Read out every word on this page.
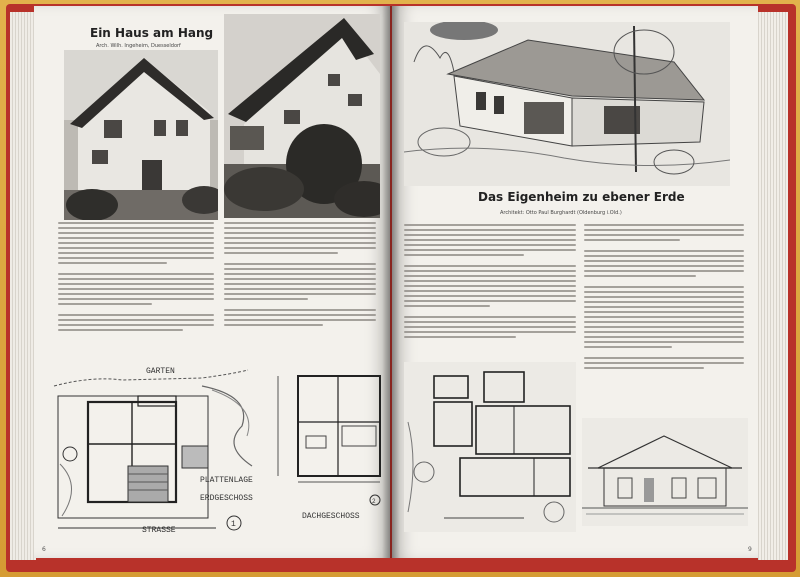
Ein Haus am Hang
Arch. Wilh. Ingeheim, Duesseldorf
GARTEN
PLATTENLAGE
ERDGESCHOSS
STRASSE
1
DACHGESCHOSS
2
6
Das Eigenheim zu ebener Erde
Architekt: Otto Paul Burghardt (Oldenburg i.Old.)
9
